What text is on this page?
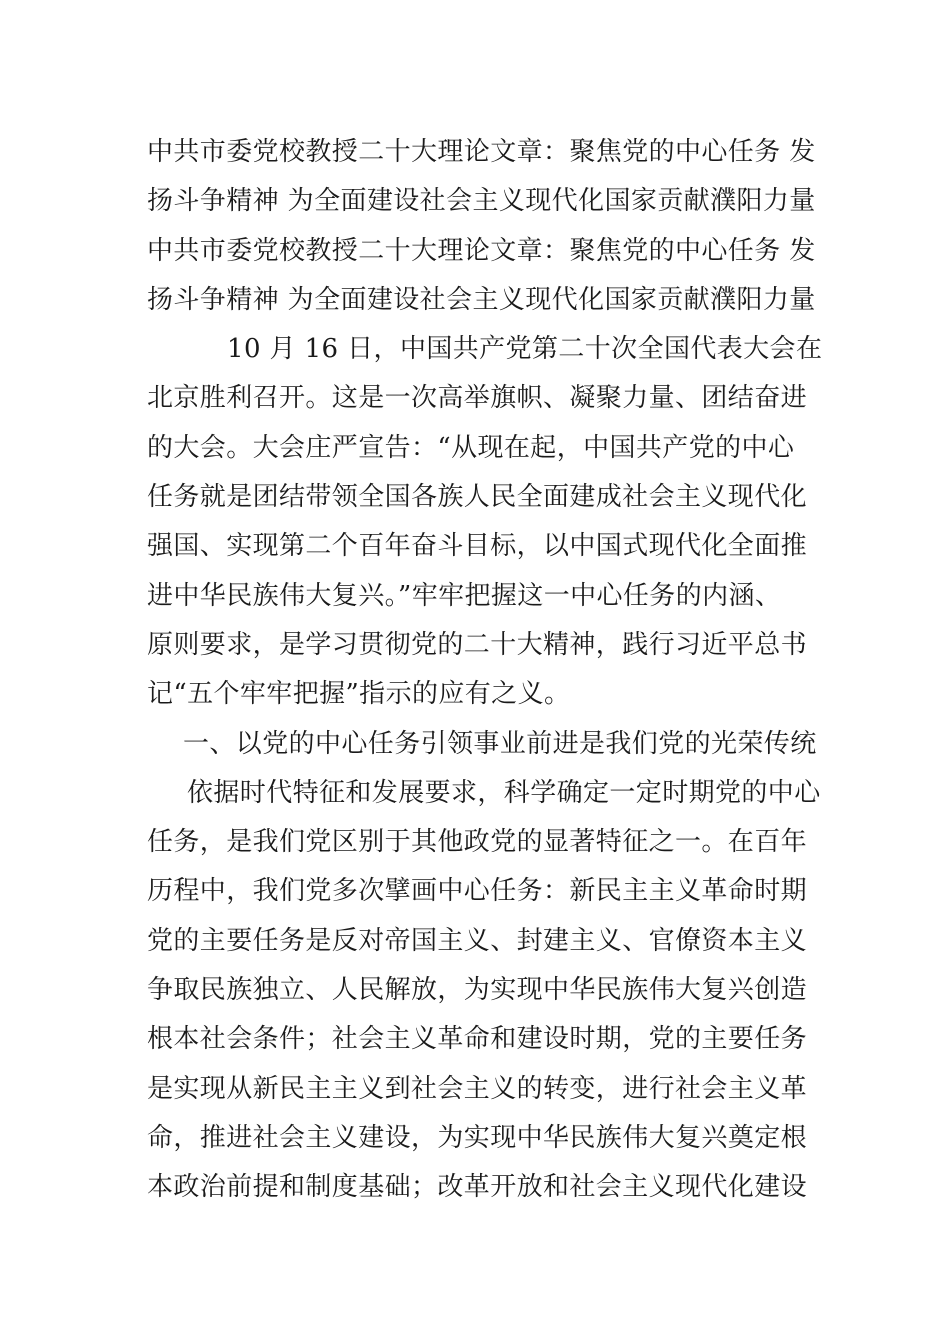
中共市委党校教授二十大理论文章：聚焦党的中心任务 发
扬斗争精神 为全面建设社会主义现代化国家贡献濮阳力量
中共市委党校教授二十大理论文章：聚焦党的中心任务 发
扬斗争精神 为全面建设社会主义现代化国家贡献濮阳力量
10 月 16 日，中国共产党第二十次全国代表大会在
北京胜利召开。这是一次高举旗帜、凝聚力量、团结奋进
的大会。大会庄严宣告：“从现在起，中国共产党的中心
任务就是团结带领全国各族人民全面建成社会主义现代化
强国、实现第二个百年奋斗目标，以中国式现代化全面推
进中华民族伟大复兴。”牢牢把握这一中心任务的内涵、
原则要求，是学习贯彻党的二十大精神，践行习近平总书
记“五个牢牢把握”指示的应有之义。
一、以党的中心任务引领事业前进是我们党的光荣传统
依据时代特征和发展要求，科学确定一定时期党的中心
任务，是我们党区别于其他政党的显著特征之一。在百年
历程中，我们党多次擘画中心任务：新民主主义革命时期
党的主要任务是反对帝国主义、封建主义、官僚资本主义
争取民族独立、人民解放，为实现中华民族伟大复兴创造
根本社会条件；社会主义革命和建设时期，党的主要任务
是实现从新民主主义到社会主义的转变，进行社会主义革
命，推进社会主义建设，为实现中华民族伟大复兴奠定根
本政治前提和制度基础；改革开放和社会主义现代化建设
